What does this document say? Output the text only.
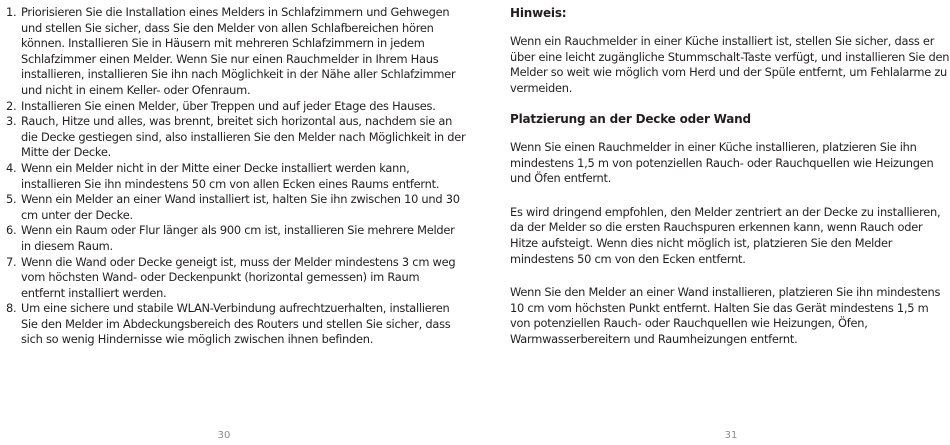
1. Priorisieren Sie die Installation eines Melders in Schlafzimmern und Gehwegen und stellen Sie sicher, dass Sie den Melder von allen Schlafbereichen hören können. Installieren Sie in Häusern mit mehreren Schlafzimmern in jedem Schlafzimmer einen Melder. Wenn Sie nur einen Rauchmelder in Ihrem Haus installieren, installieren Sie ihn nach Möglichkeit in der Nähe aller Schlafzimmer und nicht in einem Keller- oder Ofenraum.
2. Installieren Sie einen Melder, über Treppen und auf jeder Etage des Hauses.
3. Rauch, Hitze und alles, was brennt, breitet sich horizontal aus, nachdem sie an die Decke gestiegen sind, also installieren Sie den Melder nach Möglichkeit in der Mitte der Decke.
4. Wenn ein Melder nicht in der Mitte einer Decke installiert werden kann, installieren Sie ihn mindestens 50 cm von allen Ecken eines Raums entfernt.
5. Wenn ein Melder an einer Wand installiert ist, halten Sie ihn zwischen 10 und 30 cm unter der Decke.
6. Wenn ein Raum oder Flur länger als 900 cm ist, installieren Sie mehrere Melder in diesem Raum.
7. Wenn die Wand oder Decke geneigt ist, muss der Melder mindestens 3 cm weg vom höchsten Wand- oder Deckenpunkt (horizontal gemessen) im Raum entfernt installiert werden.
8. Um eine sichere und stabile WLAN-Verbindung aufrechtzuerhalten, installieren Sie den Melder im Abdeckungsbereich des Routers und stellen Sie sicher, dass sich so wenig Hindernisse wie möglich zwischen ihnen befinden.
30
Hinweis:

Wenn ein Rauchmelder in einer Küche installiert ist, stellen Sie sicher, dass er über eine leicht zugängliche Stummschalt-Taste verfügt, und installieren Sie den Melder so weit wie möglich vom Herd und der Spüle entfernt, um Fehlalarme zu vermeiden.

Platzierung an der Decke oder Wand

Wenn Sie einen Rauchmelder in einer Küche installieren, platzieren Sie ihn mindestens 1,5 m von potenziellen Rauch- oder Rauchquellen wie Heizungen und Öfen entfernt.

Es wird dringend empfohlen, den Melder zentriert an der Decke zu installieren, da der Melder so die ersten Rauchspuren erkennen kann, wenn Rauch oder Hitze aufsteigt. Wenn dies nicht möglich ist, platzieren Sie den Melder mindestens 50 cm von den Ecken entfernt.

Wenn Sie den Melder an einer Wand installieren, platzieren Sie ihn mindestens 10 cm vom höchsten Punkt entfernt. Halten Sie das Gerät mindestens 1,5 m von potenziellen Rauch- oder Rauchquellen wie Heizungen, Öfen, Warmwasserbereitern und Raumheizungen entfernt.

31
